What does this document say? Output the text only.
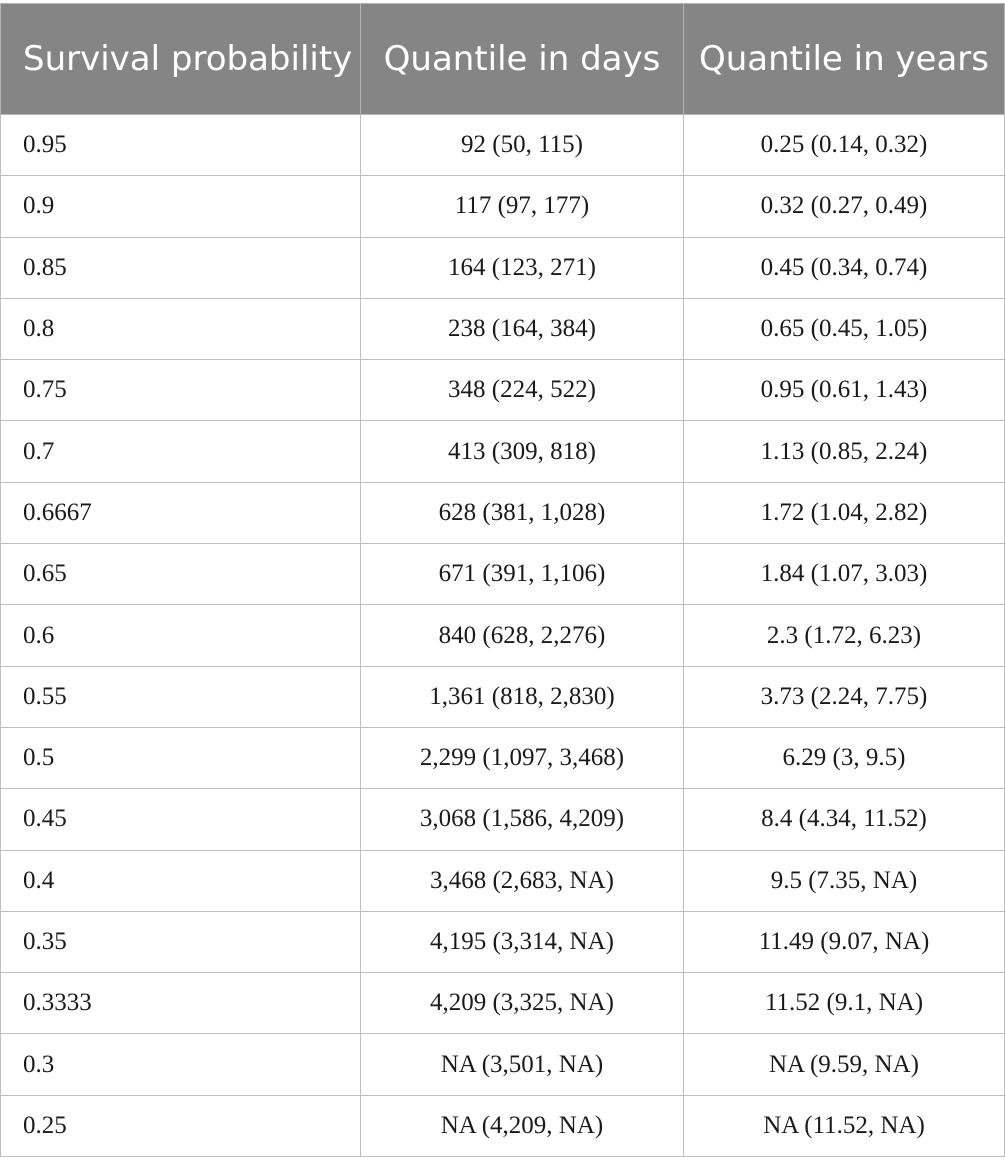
Survival probability	Quantile in days	Quantile in years
0.95	92 (50, 115)	0.25 (0.14, 0.32)
0.9	117 (97, 177)	0.32 (0.27, 0.49)
0.85	164 (123, 271)	0.45 (0.34, 0.74)
0.8	238 (164, 384)	0.65 (0.45, 1.05)
0.75	348 (224, 522)	0.95 (0.61, 1.43)
0.7	413 (309, 818)	1.13 (0.85, 2.24)
0.6667	628 (381, 1,028)	1.72 (1.04, 2.82)
0.65	671 (391, 1,106)	1.84 (1.07, 3.03)
0.6	840 (628, 2,276)	2.3 (1.72, 6.23)
0.55	1,361 (818, 2,830)	3.73 (2.24, 7.75)
0.5	2,299 (1,097, 3,468)	6.29 (3, 9.5)
0.45	3,068 (1,586, 4,209)	8.4 (4.34, 11.52)
0.4	3,468 (2,683, NA)	9.5 (7.35, NA)
0.35	4,195 (3,314, NA)	11.49 (9.07, NA)
0.3333	4,209 (3,325, NA)	11.52 (9.1, NA)
0.3	NA (3,501, NA)	NA (9.59, NA)
0.25	NA (4,209, NA)	NA (11.52, NA)
